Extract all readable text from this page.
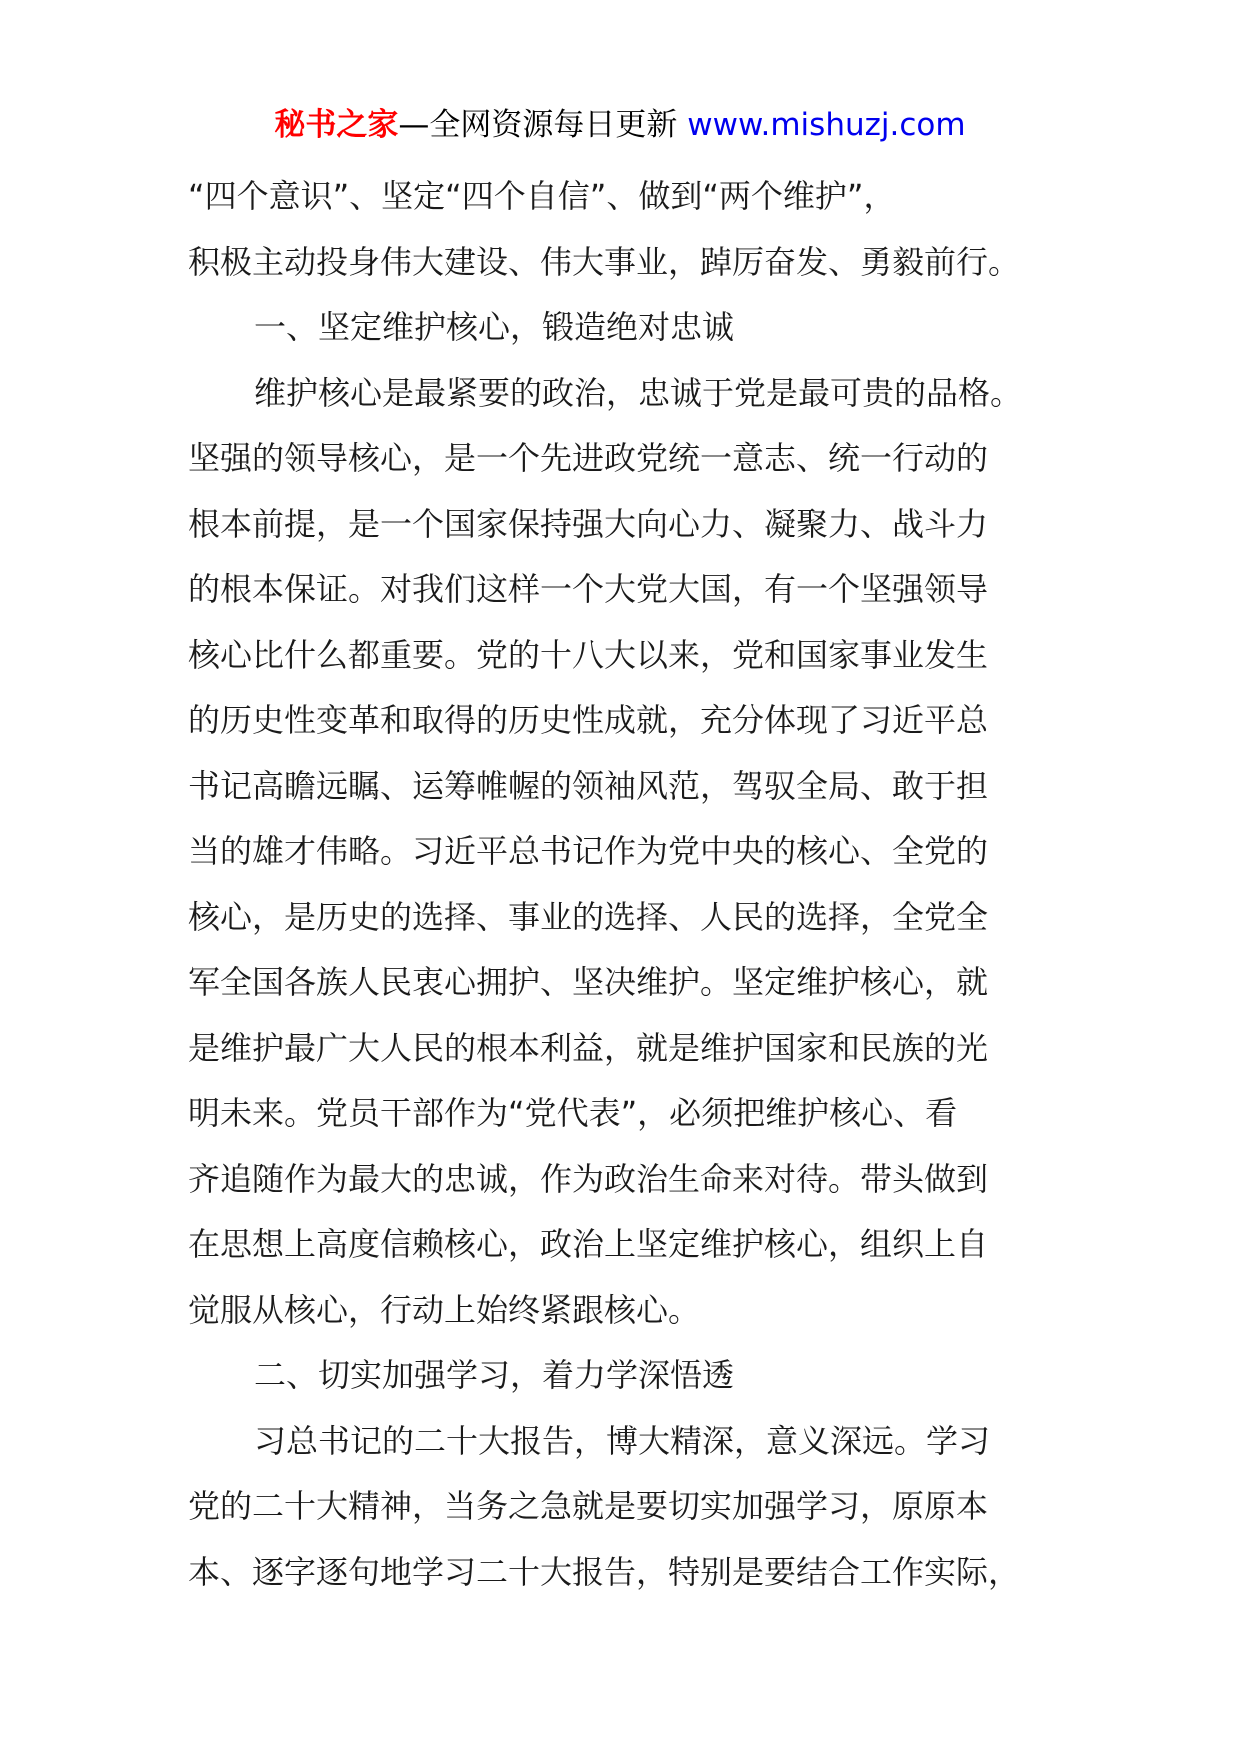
秘书之家—全网资源每日更新 www.mishuzj.com
“四个意识”、坚定“四个自信”、做到“两个维护”，
积极主动投身伟大建设、伟大事业，踔厉奋发、勇毅前行。
一、坚定维护核心，锻造绝对忠诚
维护核心是最紧要的政治，忠诚于党是最可贵的品格。
坚强的领导核心，是一个先进政党统一意志、统一行动的
根本前提，是一个国家保持强大向心力、凝聚力、战斗力
的根本保证。对我们这样一个大党大国，有一个坚强领导
核心比什么都重要。党的十八大以来，党和国家事业发生
的历史性变革和取得的历史性成就，充分体现了习近平总
书记高瞻远瞩、运筹帷幄的领袖风范，驾驭全局、敢于担
当的雄才伟略。习近平总书记作为党中央的核心、全党的
核心，是历史的选择、事业的选择、人民的选择，全党全
军全国各族人民衷心拥护、坚决维护。坚定维护核心，就
是维护最广大人民的根本利益，就是维护国家和民族的光
明未来。党员干部作为“党代表”，必须把维护核心、看
齐追随作为最大的忠诚，作为政治生命来对待。带头做到
在思想上高度信赖核心，政治上坚定维护核心，组织上自
觉服从核心，行动上始终紧跟核心。
二、切实加强学习，着力学深悟透
习总书记的二十大报告，博大精深，意义深远。学习
党的二十大精神，当务之急就是要切实加强学习，原原本
本、逐字逐句地学习二十大报告，特别是要结合工作实际，
